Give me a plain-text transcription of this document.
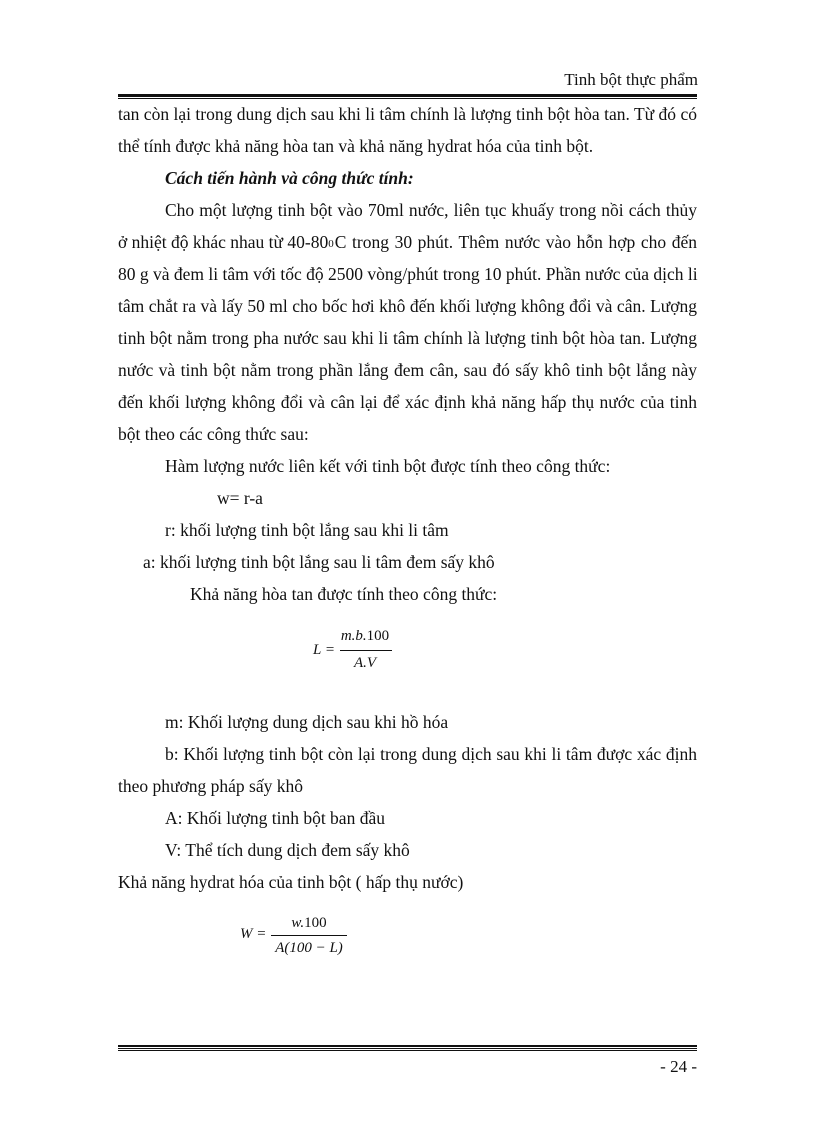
Tinh bột thực phẩm
tan còn lại trong dung dịch sau khi li tâm chính là lượng tinh bột hòa tan. Từ đó có
thể tính được khả năng hòa tan và khả năng hydrat hóa của tinh bột.
Cách tiến hành và công thức tính:
Cho một lượng tinh bột vào 70ml nước, liên tục khuấy trong nồi cách thủy
ở nhiệt độ khác nhau từ $40-80^0$ C trong 30 phút. Thêm nước vào hỗn hợp cho đến
80 g và đem li tâm với tốc độ 2500 vòng/phút trong 10 phút. Phần nước của dịch li
tâm chắt ra và lấy 50 ml cho bốc hơi khô đến khối lượng không đổi và cân. Lượng
tinh bột nằm trong pha nước sau khi li tâm chính là lượng tinh bột hòa tan. Lượng
nước và tinh bột nằm trong phần lắng đem cân, sau đó sấy khô tinh bột lắng này
đến khối lượng không đổi và cân lại để xác định khả năng hấp thụ nước của tinh
bột theo các công thức sau:
Hàm lượng nước liên kết với tinh bột được tính theo công thức:
w= r-a
r: khối lượng tinh bột lắng sau khi li tâm
a: khối lượng tinh bột lắng sau li tâm đem sấy khô
Khả năng hòa tan được tính theo công thức:
L =
m.b.100
A.V
m: Khối lượng dung dịch sau khi hồ hóa
b: Khối lượng tinh bột còn lại trong dung dịch sau khi li tâm được xác định
theo phương pháp sấy khô
A: Khối lượng tinh bột ban đầu
V: Thể tích dung dịch đem sấy khô
Khả năng hydrat hóa của tinh bột ( hấp thụ nước)
W =
w.100
A(100 − L)
- 24 -
